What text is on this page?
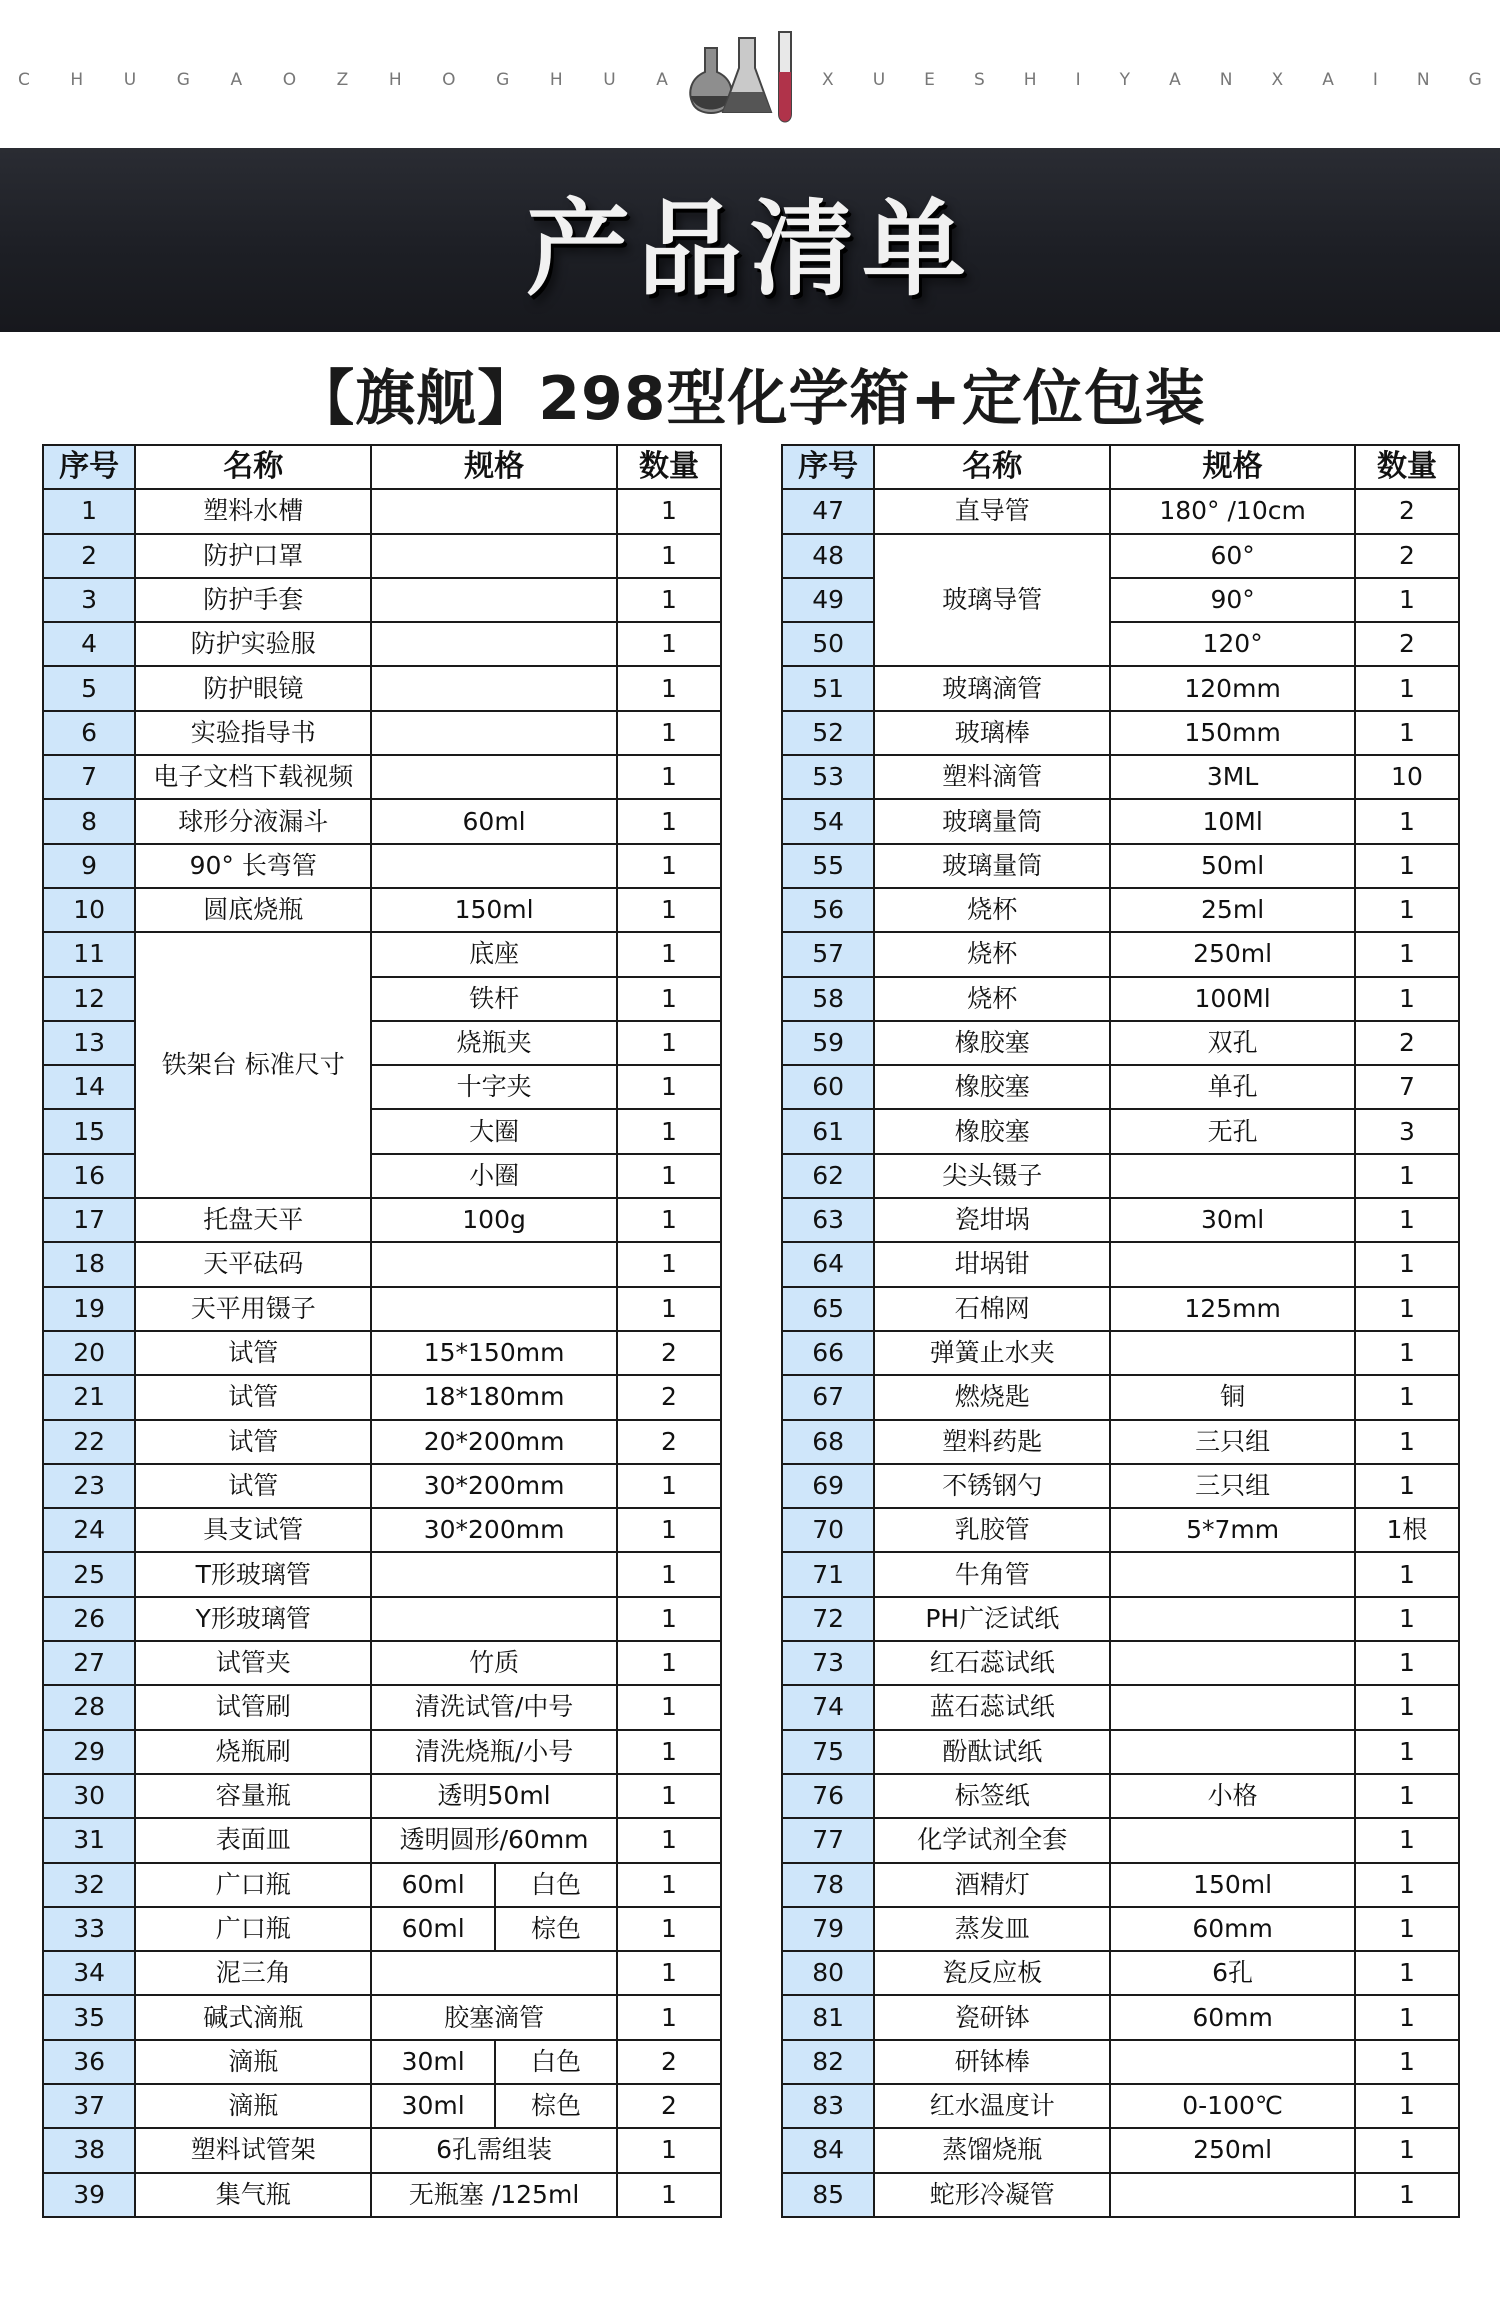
C H U G A O Z H O G H U A	X U E S H I Y A N X A I N G
产品清单
【旗舰】298型化学箱+定位包装
序号	名称	规格	数量
1	塑料水槽		1
2	防护口罩		1
3	防护手套		1
4	防护实验服		1
5	防护眼镜		1
6	实验指导书		1
7	电子文档下载视频		1
8	球形分液漏斗	60ml	1
9	90° 长弯管		1
10	圆底烧瓶	150ml	1
11	铁架台 标准尺寸	底座	1
12		铁杆	1
13		烧瓶夹	1
14		十字夹	1
15		大圈	1
16		小圈	1
17	托盘天平	100g	1
18	天平砝码		1
19	天平用镊子		1
20	试管	15*150mm	2
21	试管	18*180mm	2
22	试管	20*200mm	2
23	试管	30*200mm	1
24	具支试管	30*200mm	1
25	T形玻璃管		1
26	Y形玻璃管		1
27	试管夹	竹质	1
28	试管刷	清洗试管/中号	1
29	烧瓶刷	清洗烧瓶/小号	1
30	容量瓶	透明50ml	1
31	表面皿	透明圆形/60mm	1
32	广口瓶	60ml 白色	1
33	广口瓶	60ml 棕色	1
34	泥三角		1
35	碱式滴瓶	胶塞滴管	1
36	滴瓶	30ml 白色	2
37	滴瓶	30ml 棕色	2
38	塑料试管架	6孔需组装	1
39	集气瓶	无瓶塞 /125ml	1
序号	名称	规格	数量
47	直导管	180° /10cm	2
48	玻璃导管	60°	2
49		90°	1
50		120°	2
51	玻璃滴管	120mm	1
52	玻璃棒	150mm	1
53	塑料滴管	3ML	10
54	玻璃量筒	10Ml	1
55	玻璃量筒	50ml	1
56	烧杯	25ml	1
57	烧杯	250ml	1
58	烧杯	100Ml	1
59	橡胶塞	双孔	2
60	橡胶塞	单孔	7
61	橡胶塞	无孔	3
62	尖头镊子		1
63	瓷坩埚	30ml	1
64	坩埚钳		1
65	石棉网	125mm	1
66	弹簧止水夹		1
67	燃烧匙	铜	1
68	塑料药匙	三只组	1
69	不锈钢勺	三只组	1
70	乳胶管	5*7mm	1根
71	牛角管		1
72	PH广泛试纸		1
73	红石蕊试纸		1
74	蓝石蕊试纸		1
75	酚酞试纸		1
76	标签纸	小格	1
77	化学试剂全套		1
78	酒精灯	150ml	1
79	蒸发皿	60mm	1
80	瓷反应板	6孔	1
81	瓷研钵	60mm	1
82	研钵棒		1
83	红水温度计	0-100℃	1
84	蒸馏烧瓶	250ml	1
85	蛇形冷凝管		1
